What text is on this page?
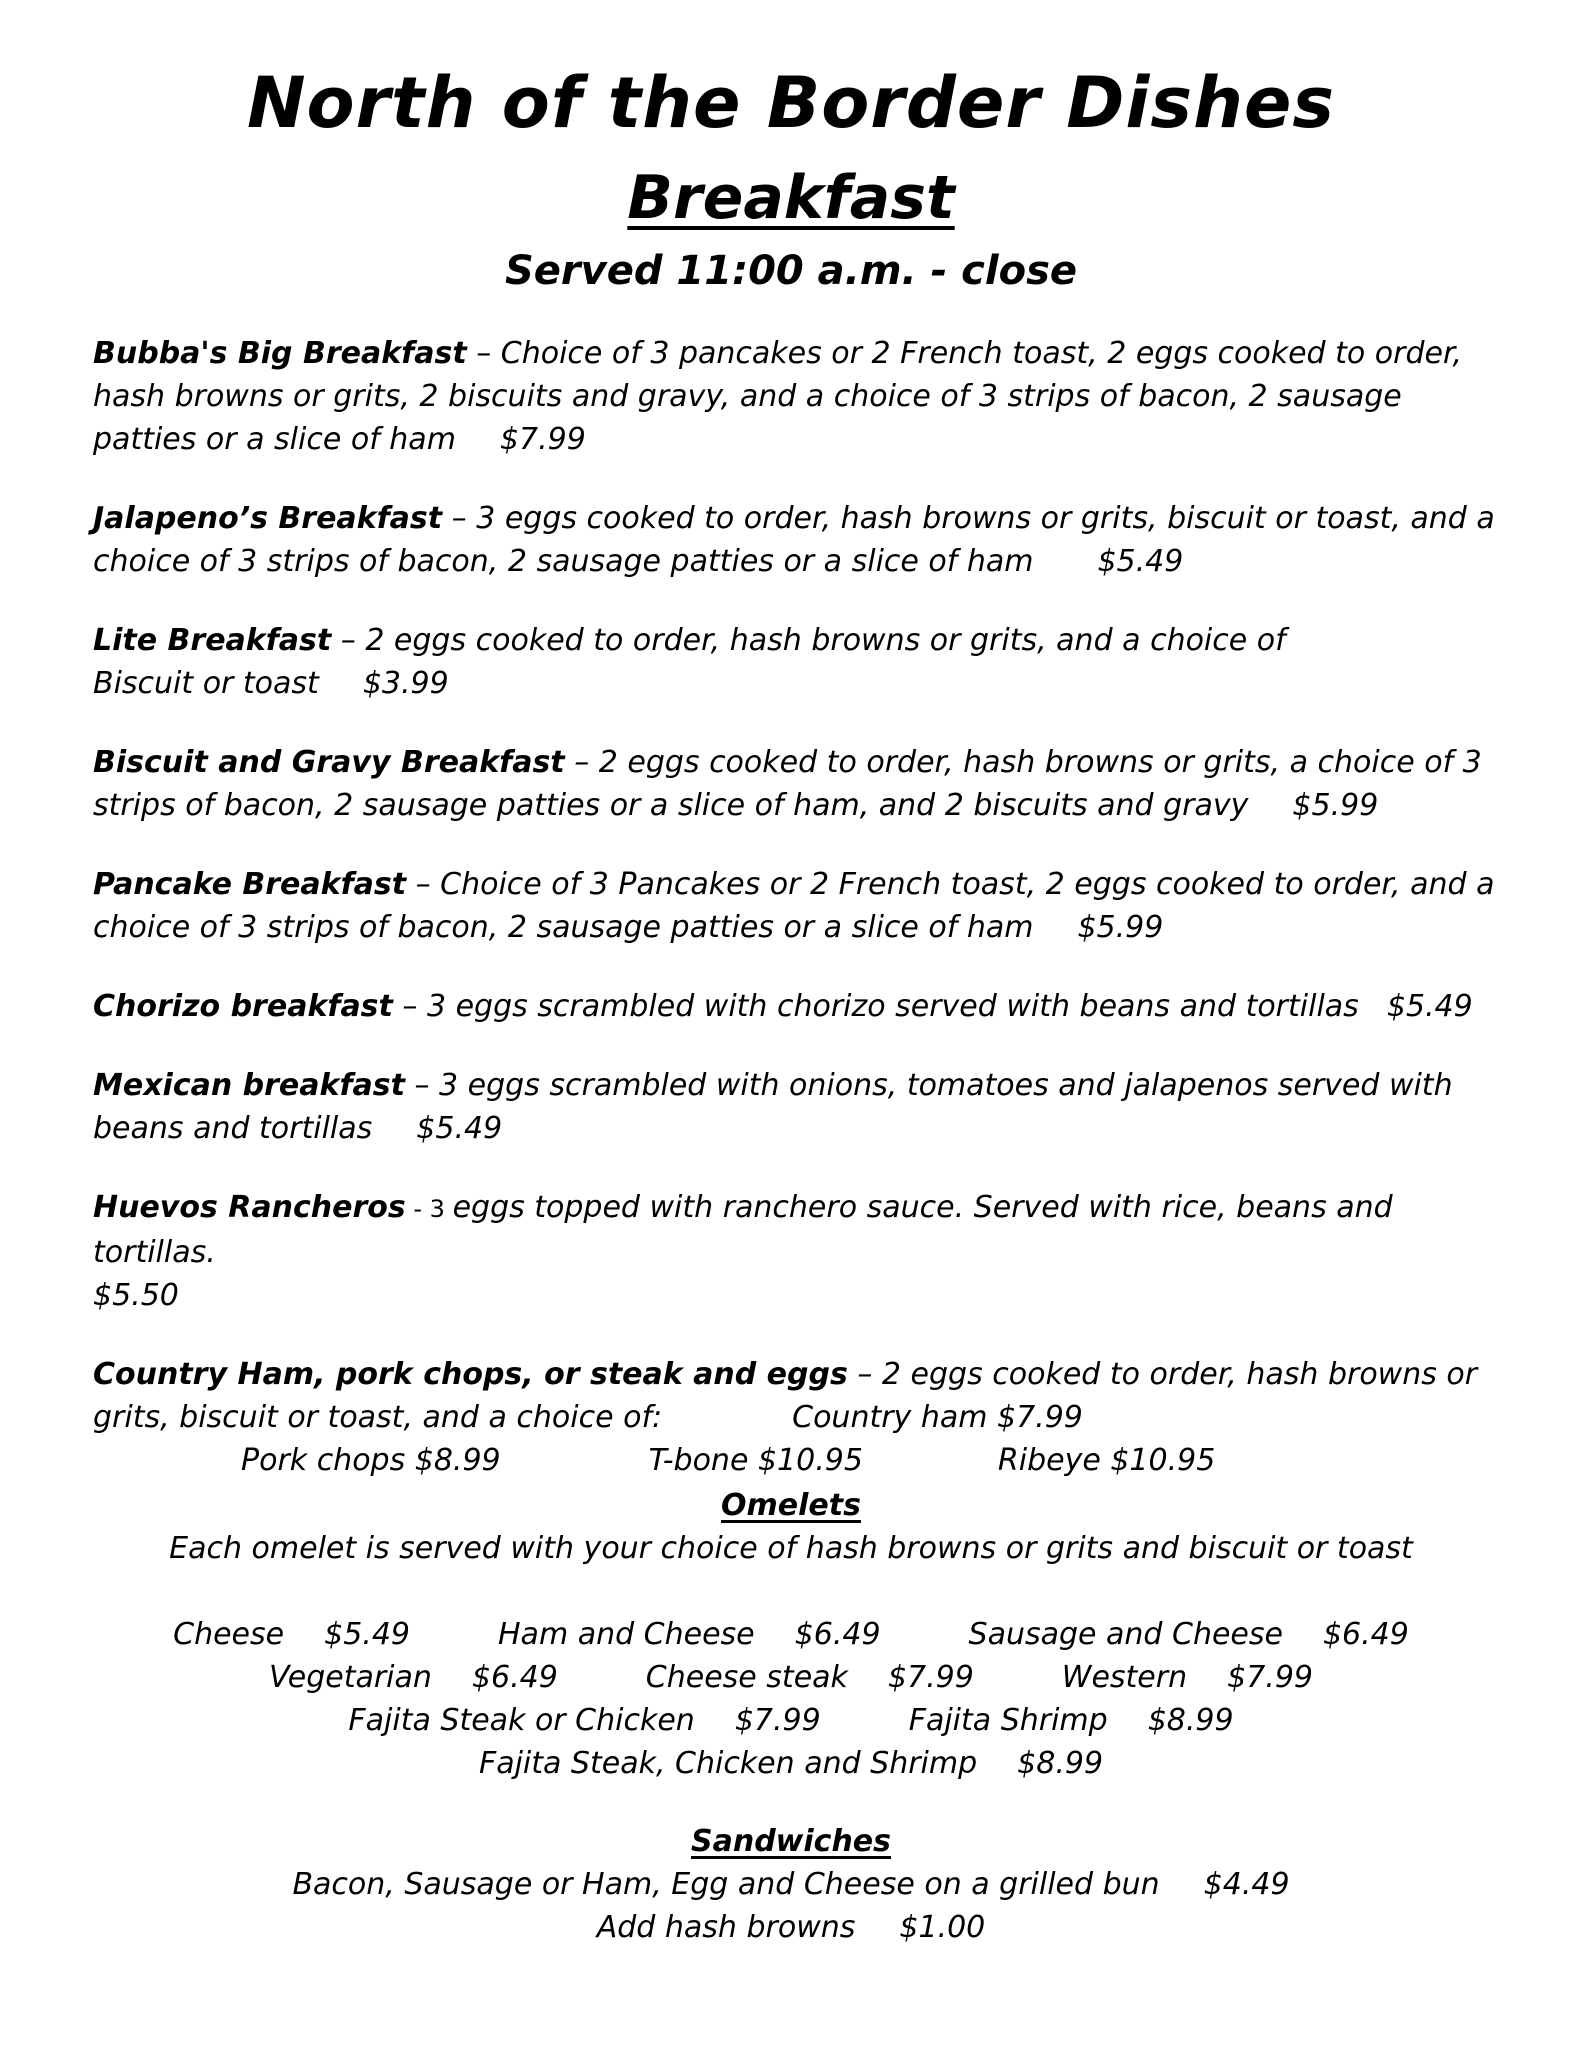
North of the Border Dishes
Breakfast
Served 11:00 a.m. - close
Bubba's Big Breakfast – Choice of 3 pancakes or 2 French toast, 2 eggs cooked to order, hash browns or grits, 2 biscuits and gravy, and a choice of 3 strips of bacon, 2 sausage patties or a slice of ham $7.99
Jalapeno’s Breakfast – 3 eggs cooked to order, hash browns or grits, biscuit or toast, and a choice of 3 strips of bacon, 2 sausage patties or a slice of ham $5.49
Lite Breakfast – 2 eggs cooked to order, hash browns or grits, and a choice of
Biscuit or toast $3.99
Biscuit and Gravy Breakfast – 2 eggs cooked to order, hash browns or grits, a choice of 3 strips of bacon, 2 sausage patties or a slice of ham, and 2 biscuits and gravy $5.99
Pancake Breakfast – Choice of 3 Pancakes or 2 French toast, 2 eggs cooked to order, and a choice of 3 strips of bacon, 2 sausage patties or a slice of ham $5.99
Chorizo breakfast – 3 eggs scrambled with chorizo served with beans and tortillas $5.49
Mexican breakfast – 3 eggs scrambled with onions, tomatoes and jalapenos served with beans and tortillas $5.49
Huevos Rancheros - 3 eggs topped with ranchero sauce. Served with rice, beans and tortillas.
$5.50
Country Ham, pork chops, or steak and eggs – 2 eggs cooked to order, hash browns or grits, biscuit or toast, and a choice of:	Country ham $7.99
Pork chops $8.99	T-bone $10.95	Ribeye $10.95
Omelets
Each omelet is served with your choice of hash browns or grits and biscuit or toast
Cheese $5.49	Ham and Cheese $6.49	Sausage and Cheese $6.49
Vegetarian $6.49	Cheese steak $7.99	Western $7.99
Fajita Steak or Chicken $7.99	Fajita Shrimp $8.99
Fajita Steak, Chicken and Shrimp $8.99
Sandwiches
Bacon, Sausage or Ham, Egg and Cheese on a grilled bun $4.49
Add hash browns $1.00
